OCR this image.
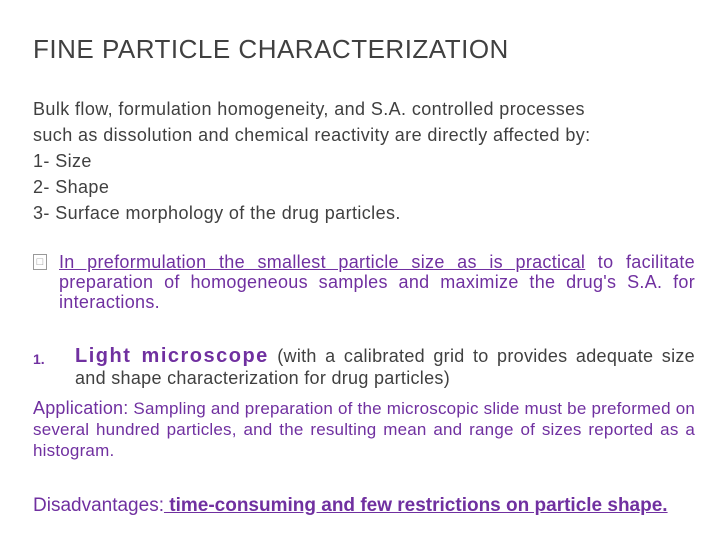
FINE PARTICLE CHARACTERIZATION
Bulk flow, formulation homogeneity, and S.A. controlled processes
such as dissolution and chemical reactivity are directly affected by:
1- Size
2- Shape
3- Surface morphology of the drug particles.
□ In preformulation the smallest particle size as is practical to facilitate preparation of homogeneous samples and maximize the drug's S.A. for interactions.
1. Light microscope (with a calibrated grid to provides adequate size and shape characterization for drug particles)
Application: Sampling and preparation of the microscopic slide must be preformed on several hundred particles, and the resulting mean and range of sizes reported as a histogram.
Disadvantages: time-consuming and few restrictions on particle shape.
